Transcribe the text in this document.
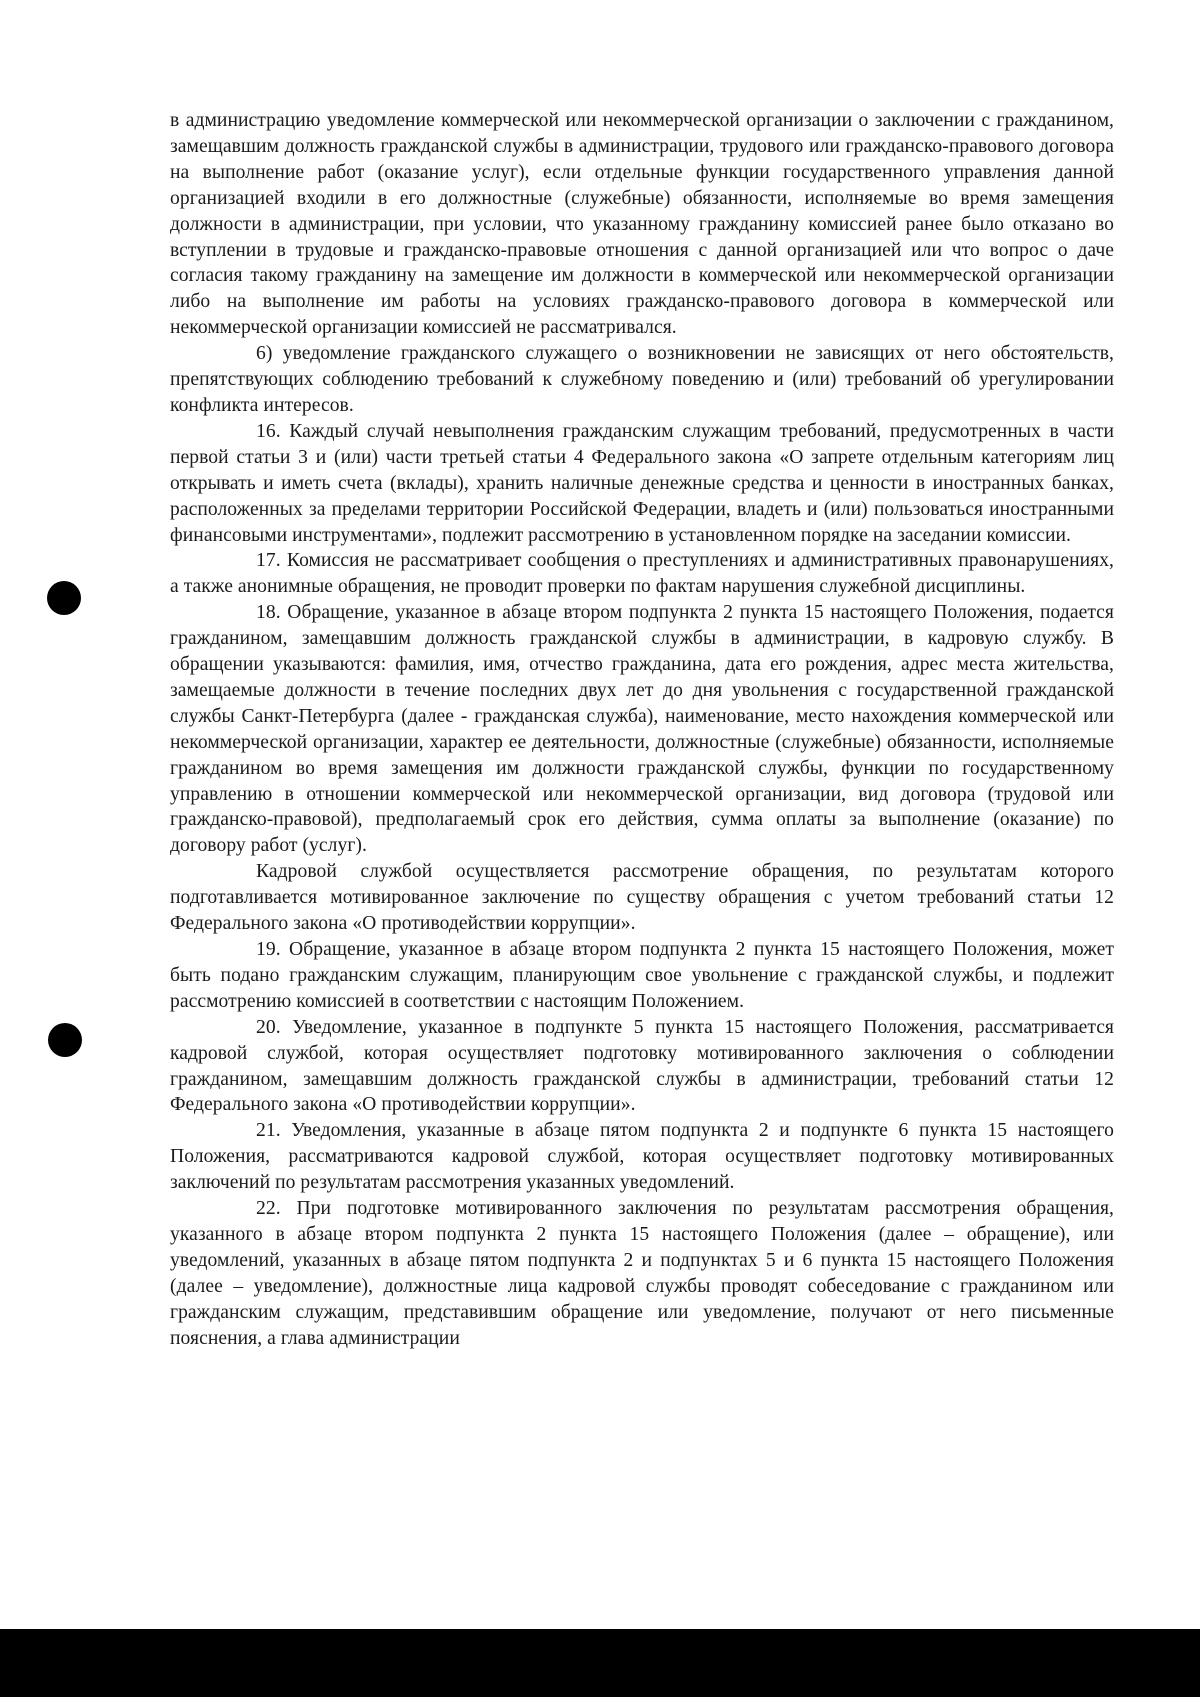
в администрацию уведомление коммерческой или некоммерческой организации о заключении с гражданином, замещавшим должность гражданской службы в администрации, трудового или гражданско-правового договора на выполнение работ (оказание услуг), если отдельные функции государственного управления данной организацией входили в его должностные (служебные) обязанности, исполняемые во время замещения должности в администрации, при условии, что указанному гражданину комиссией ранее было отказано во вступлении в трудовые и гражданско-правовые отношения с данной организацией или что вопрос о даче согласия такому гражданину на замещение им должности в коммерческой или некоммерческой организации либо на выполнение им работы на условиях гражданско-правового договора в коммерческой или некоммерческой организации комиссией не рассматривался.

6) уведомление гражданского служащего о возникновении не зависящих от него обстоятельств, препятствующих соблюдению требований к служебному поведению и (или) требований об урегулировании конфликта интересов.

16. Каждый случай невыполнения гражданским служащим требований, предусмотренных в части первой статьи 3 и (или) части третьей статьи 4 Федерального закона «О запрете отдельным категориям лиц открывать и иметь счета (вклады), хранить наличные денежные средства и ценности в иностранных банках, расположенных за пределами территории Российской Федерации, владеть и (или) пользоваться иностранными финансовыми инструментами», подлежит рассмотрению в установленном порядке на заседании комиссии.

17. Комиссия не рассматривает сообщения о преступлениях и административных правонарушениях, а также анонимные обращения, не проводит проверки по фактам нарушения служебной дисциплины.

18. Обращение, указанное в абзаце втором подпункта 2 пункта 15 настоящего Положения, подается гражданином, замещавшим должность гражданской службы в администрации, в кадровую службу. В обращении указываются: фамилия, имя, отчество гражданина, дата его рождения, адрес места жительства, замещаемые должности в течение последних двух лет до дня увольнения с государственной гражданской службы Санкт-Петербурга (далее - гражданская служба), наименование, место нахождения коммерческой или некоммерческой организации, характер ее деятельности, должностные (служебные) обязанности, исполняемые гражданином во время замещения им должности гражданской службы, функции по государственному управлению в отношении коммерческой или некоммерческой организации, вид договора (трудовой или гражданско-правовой), предполагаемый срок его действия, сумма оплаты за выполнение (оказание) по договору работ (услуг).

Кадровой службой осуществляется рассмотрение обращения, по результатам которого подготавливается мотивированное заключение по существу обращения с учетом требований статьи 12 Федерального закона «О противодействии коррупции».

19. Обращение, указанное в абзаце втором подпункта 2 пункта 15 настоящего Положения, может быть подано гражданским служащим, планирующим свое увольнение с гражданской службы, и подлежит рассмотрению комиссией в соответствии с настоящим Положением.

20. Уведомление, указанное в подпункте 5 пункта 15 настоящего Положения, рассматривается кадровой службой, которая осуществляет подготовку мотивированного заключения о соблюдении гражданином, замещавшим должность гражданской службы в администрации, требований статьи 12 Федерального закона «О противодействии коррупции».

21. Уведомления, указанные в абзаце пятом подпункта 2 и подпункте 6 пункта 15 настоящего Положения, рассматриваются кадровой службой, которая осуществляет подготовку мотивированных заключений по результатам рассмотрения указанных уведомлений.

22. При подготовке мотивированного заключения по результатам рассмотрения обращения, указанного в абзаце втором подпункта 2 пункта 15 настоящего Положения (далее – обращение), или уведомлений, указанных в абзаце пятом подпункта 2 и подпунктах 5 и 6 пункта 15 настоящего Положения (далее – уведомление), должностные лица кадровой службы проводят собеседование с гражданином или гражданским служащим, представившим обращение или уведомление, получают от него письменные пояснения, а глава администрации
